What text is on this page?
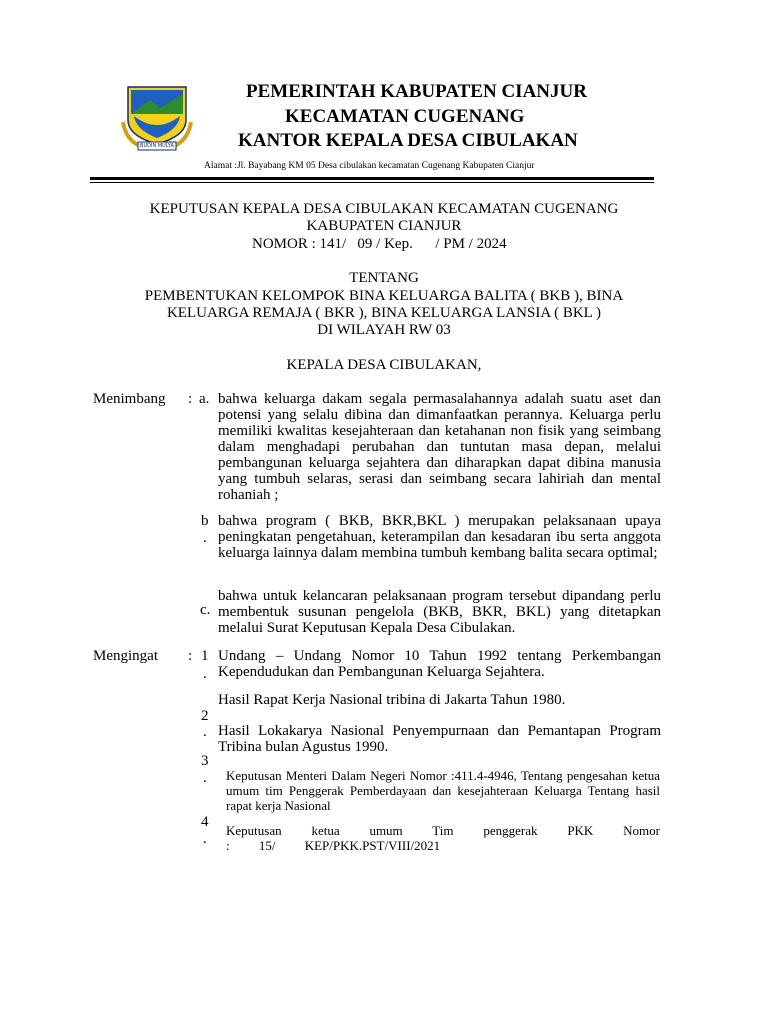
BUDIN MULYA
PEMERINTAH KABUPATEN CIANJUR
KECAMATAN CUGENANG
KANTOR KEPALA DESA CIBULAKAN
Alamat :Jl. Bayabang KM 05 Desa cibulakan kecamatan Cugenang Kabupaten Cianjur
KEPUTUSAN KEPALA DESA CIBULAKAN KECAMATAN CUGENANG
KABUPATEN CIANJUR
NOMOR : 141/   09 / Kep.      / PM / 2024
TENTANG
PEMBENTUKAN KELOMPOK BINA KELUARGA BALITA ( BKB ), BINA
KELUARGA REMAJA ( BKR ), BINA KELUARGA LANSIA ( BKL )
DI WILAYAH RW 03
KEPALA DESA CIBULAKAN,
Menimbang : a. bahwa keluarga dakam segala permasalahannya adalah suatu aset dan potensi yang selalu dibina dan dimanfaatkan perannya. Keluarga perlu memiliki kwalitas kesejahteraan dan ketahanan non fisik yang seimbang dalam menghadapi perubahan dan tuntutan masa depan, melalui pembangunan keluarga sejahtera dan diharapkan dapat dibina manusia yang tumbuh selaras, serasi dan seimbang secara lahiriah dan mental rohaniah ;
b
.
bahwa program ( BKB, BKR,BKL ) merupakan pelaksanaan upaya peningkatan pengetahuan, keterampilan dan kesadaran ibu serta anggota keluarga lainnya dalam membina tumbuh kembang balita secara optimal;
bahwa untuk kelancaran pelaksanaan program tersebut dipandang perlu membentuk susunan pengelola (BKB, BKR, BKL) yang ditetapkan melalui Surat Keputusan Kepala Desa Cibulakan.
c.
Mengingat : 1
.
Undang – Undang Nomor 10 Tahun 1992 tentang Perkembangan Kependudukan dan Pembangunan Keluarga Sejahtera.
Hasil Rapat Kerja Nasional tribina di Jakarta Tahun 1980.
2
. Hasil Lokakarya Nasional Penyempurnaan dan Pemantapan Program Tribina bulan Agustus 1990.
3
. Keputusan Menteri Dalam Negeri Nomor :411.4-4946, Tentang pengesahan ketua umum tim Penggerak Pemberdayaan dan kesejahteraan Keluarga Tentang hasil rapat kerja Nasional
4
.
Keputusan ketua umum Tim penggerak PKK Nomor : 15/ KEP/PKK.PST/VIII/2021
